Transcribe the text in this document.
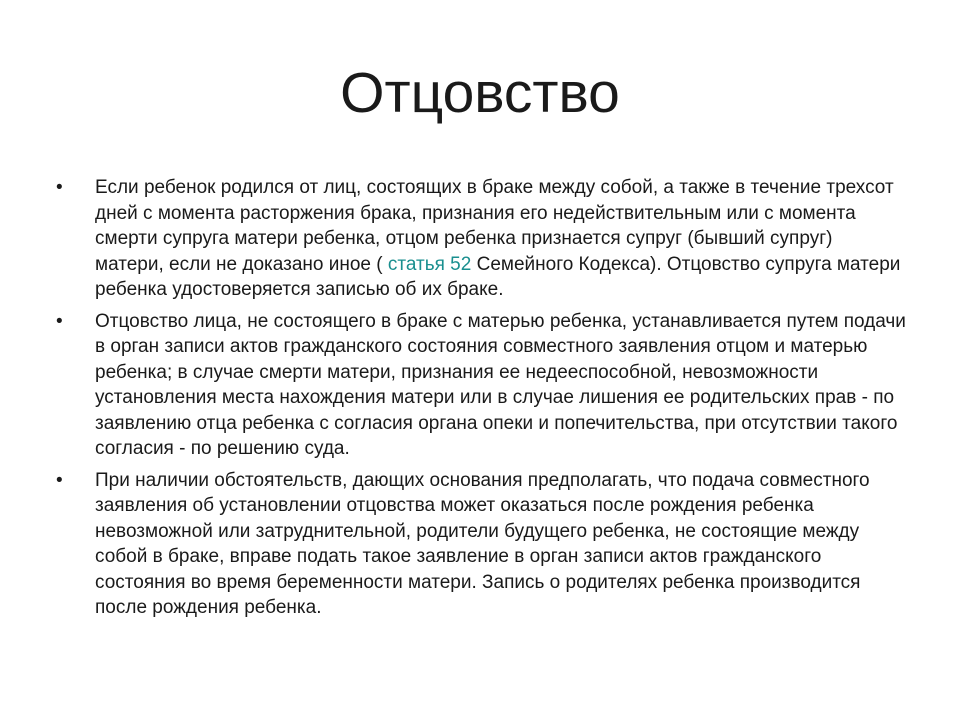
Отцовство
• Если ребенок родился от лиц, состоящих в браке между собой, а также в течение трехсот дней с момента расторжения брака, признания его недействительным или с момента смерти супруга матери ребенка, отцом ребенка признается супруг (бывший супруг) матери, если не доказано иное ( статья 52 Семейного Кодекса). Отцовство супруга матери ребенка удостоверяется записью об их браке.
• Отцовство лица, не состоящего в браке с матерью ребенка, устанавливается путем подачи в орган записи актов гражданского состояния совместного заявления отцом и матерью ребенка; в случае смерти матери, признания ее недееспособной, невозможности установления места нахождения матери или в случае лишения ее родительских прав - по заявлению отца ребенка с согласия органа опеки и попечительства, при отсутствии такого согласия - по решению суда.
• При наличии обстоятельств, дающих основания предполагать, что подача совместного заявления об установлении отцовства может оказаться после рождения ребенка невозможной или затруднительной, родители будущего ребенка, не состоящие между собой в браке, вправе подать такое заявление в орган записи актов гражданского состояния во время беременности матери. Запись о родителях ребенка производится после рождения ребенка.
